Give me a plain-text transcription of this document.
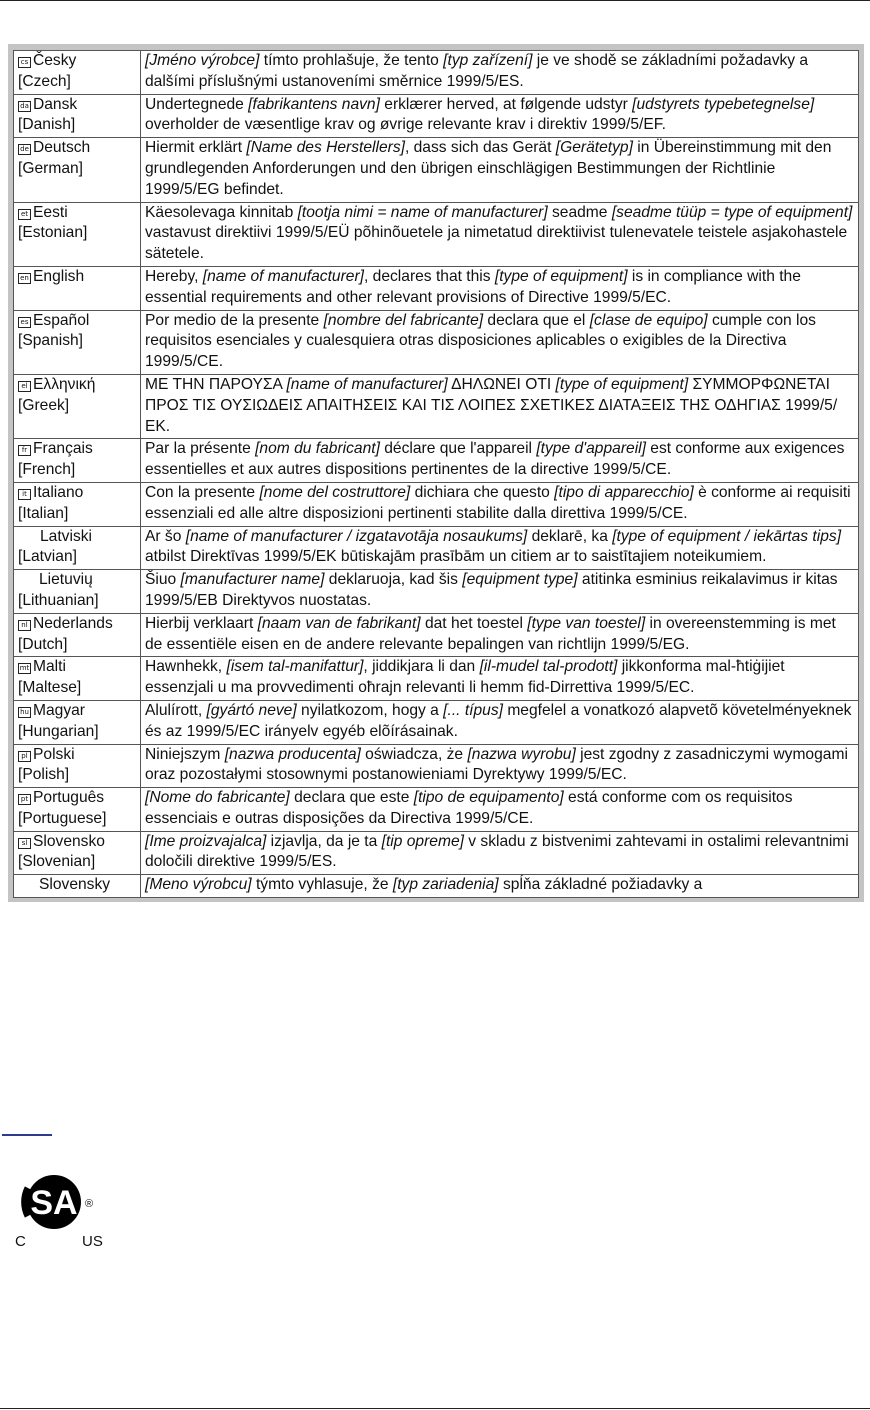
cs Česky
[Czech]	[Jméno výrobce] tímto prohlašuje, že tento [typ zařízení] je ve shodě se základními požadavky a dalšími příslušnými ustanoveními směrnice 1999/5/ES.

da Dansk
[Danish]	Undertegnede [fabrikantens navn] erklærer herved, at følgende udstyr [udstyrets typebetegnelse] overholder de væsentlige krav og øvrige relevante krav i direktiv 1999/5/EF.

de Deutsch
[German]	Hiermit erklärt [Name des Herstellers], dass sich das Gerät [Gerätetyp] in Übereinstimmung mit den grundlegenden Anforderungen und den übrigen einschlägigen Bestimmungen der Richtlinie 1999/5/EG befindet.

et Eesti
[Estonian]	Käesolevaga kinnitab [tootja nimi = name of manufacturer] seadme [seadme tüüp = type of equipment] vastavust direktiivi 1999/5/EÜ põhinõuetele ja nimetatud direktiivist tulenevatele teistele asjakohastele sätetele.

en English	Hereby, [name of manufacturer], declares that this [type of equipment] is in compliance with the essential requirements and other relevant provisions of Directive 1999/5/EC.

es Español
[Spanish]	Por medio de la presente [nombre del fabricante] declara que el [clase de equipo] cumple con los requisitos esenciales y cualesquiera otras disposiciones aplicables o exigibles de la Directiva 1999/5/CE.

el Ελληνική
[Greek]	ΜΕ ΤΗΝ ΠΑΡΟΥΣΑ [name of manufacturer] ΔΗΛΩΝΕΙ ΟΤΙ [type of equipment] ΣΥΜΜΟΡΦΩΝΕΤΑΙ ΠΡΟΣ ΤΙΣ ΟΥΣΙΩΔΕΙΣ ΑΠΑΙΤΗΣΕΙΣ ΚΑΙ ΤΙΣ ΛΟΙΠΕΣ ΣΧΕΤΙΚΕΣ ΔΙΑΤΑΞΕΙΣ ΤΗΣ ΟΔΗΓΙΑΣ 1999/5/ΕΚ.

fr Français
[French]	Par la présente [nom du fabricant] déclare que l'appareil [type d'appareil] est conforme aux exigences essentielles et aux autres dispositions pertinentes de la directive 1999/5/CE.

it Italiano
[Italian]	Con la presente [nome del costruttore] dichiara che questo [tipo di apparecchio] è conforme ai requisiti essenziali ed alle altre disposizioni pertinenti stabilite dalla direttiva 1999/5/CE.

Latviski
[Latvian]	Ar šo [name of manufacturer / izgatavotāja nosaukums] deklarē, ka [type of equipment / iekārtas tips] atbilst Direktīvas 1999/5/EK būtiskajām prasībām un citiem ar to saistītajiem noteikumiem.

Lietuvių
[Lithuanian]	Šiuo [manufacturer name] deklaruoja, kad šis [equipment type] atitinka esminius reikalavimus ir kitas 1999/5/EB Direktyvos nuostatas.

nl Nederlands
[Dutch]	Hierbij verklaart [naam van de fabrikant] dat het toestel [type van toestel] in overeenstemming is met de essentiële eisen en de andere relevante bepalingen van richtlijn 1999/5/EG.

mt Malti
[Maltese]	Hawnhekk, [isem tal-manifattur], jiddikjara li dan [il-mudel tal-prodott] jikkonforma mal-ħtiġijiet essenzjali u ma provvedimenti oħrajn relevanti li hemm fid-Dirrettiva 1999/5/EC.

hu Magyar
[Hungarian]	Alulírott, [gyártó neve] nyilatkozom, hogy a [... típus] megfelel a vonatkozó alapvetõ követelményeknek és az 1999/5/EC irányelv egyéb elõírásainak.

pl Polski
[Polish]	Niniejszym [nazwa producenta] oświadcza, że [nazwa wyrobu] jest zgodny z zasadniczymi wymogami oraz pozostałymi stosownymi postanowieniami Dyrektywy 1999/5/EC.

pt Português
[Portuguese]	[Nome do fabricante] declara que este [tipo de equipamento] está conforme com os requisitos essenciais e outras disposições da Directiva 1999/5/CE.

sl Slovensko
[Slovenian]	[Ime proizvajalca] izjavlja, da je ta [tip opreme] v skladu z bistvenimi zahtevami in ostalimi relevantnimi določili direktive 1999/5/ES.

Slovensky	[Meno výrobcu] týmto vyhlasuje, že [typ zariadenia] spĺňa základné požiadavky a
SA ®
C	US
